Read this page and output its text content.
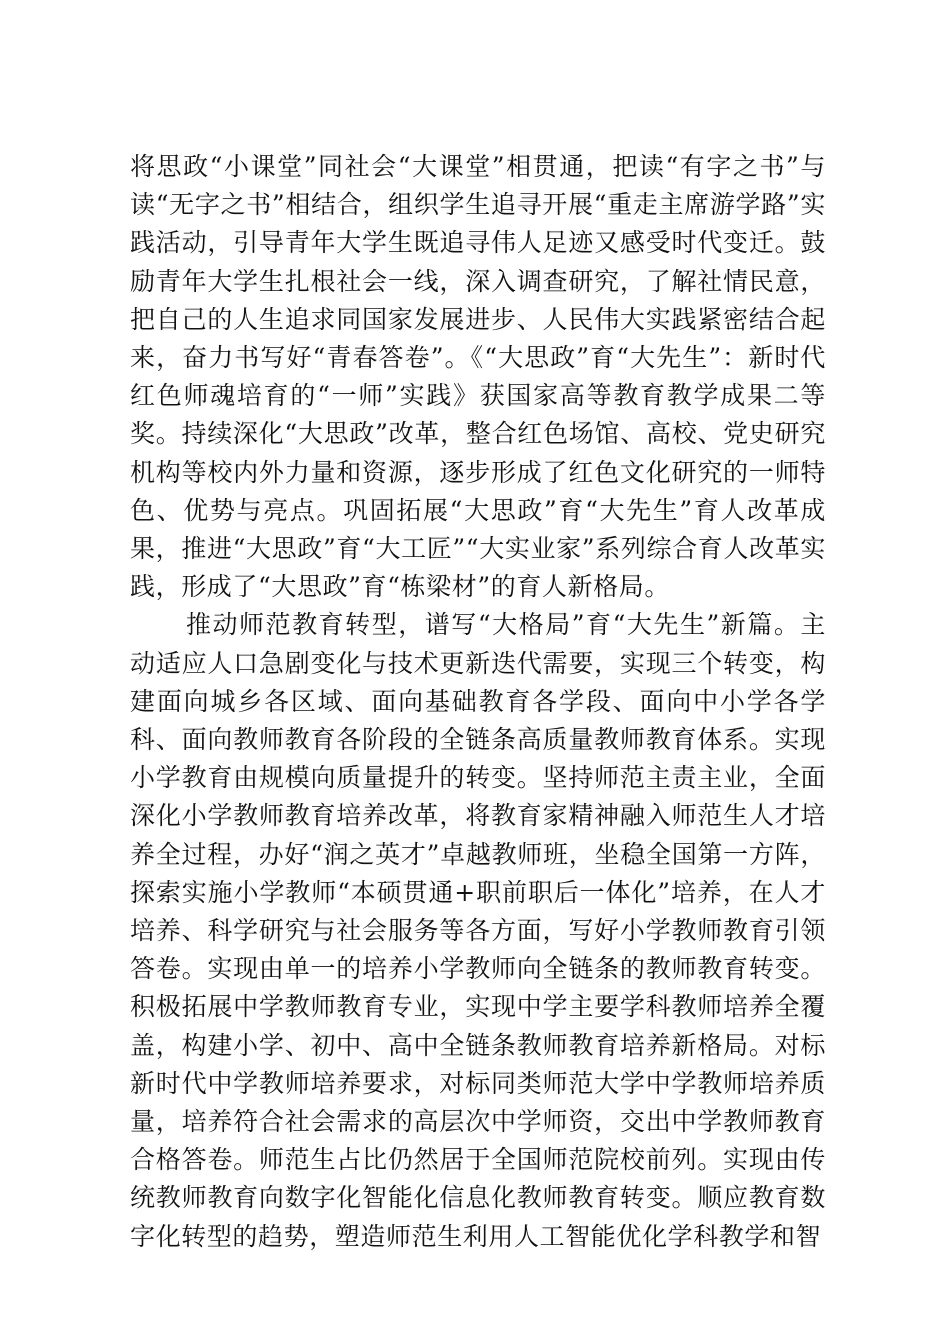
将思政“小课堂”同社会“大课堂”相贯通，把读“有字之书”与读“无字之书”相结合，组织学生追寻开展“重走主席游学路”实践活动，引导青年大学生既追寻伟人足迹又感受时代变迁。鼓励青年大学生扎根社会一线，深入调查研究，了解社情民意，把自己的人生追求同国家发展进步、人民伟大实践紧密结合起来，奋力书写好“青春答卷”。《“大思政”育“大先生”：新时代红色师魂培育的“一师”实践》获国家高等教育教学成果二等奖。持续深化“大思政”改革，整合红色场馆、高校、党史研究机构等校内外力量和资源，逐步形成了红色文化研究的一师特色、优势与亮点。巩固拓展“大思政”育“大先生”育人改革成果，推进“大思政”育“大工匠”“大实业家”系列综合育人改革实践，形成了“大思政”育“栋梁材”的育人新格局。

推动师范教育转型，谱写“大格局”育“大先生”新篇。主动适应人口急剧变化与技术更新迭代需要，实现三个转变，构建面向城乡各区域、面向基础教育各学段、面向中小学各学科、面向教师教育各阶段的全链条高质量教师教育体系。实现小学教育由规模向质量提升的转变。坚持师范主责主业，全面深化小学教师教育培养改革，将教育家精神融入师范生人才培养全过程，办好“润之英才”卓越教师班，坐稳全国第一方阵，探索实施小学教师“本硕贯通+职前职后一体化”培养，在人才培养、科学研究与社会服务等各方面，写好小学教师教育引领答卷。实现由单一的培养小学教师向全链条的教师教育转变。积极拓展中学教师教育专业，实现中学主要学科教师培养全覆盖，构建小学、初中、高中全链条教师教育培养新格局。对标新时代中学教师培养要求，对标同类师范大学中学教师培养质量，培养符合社会需求的高层次中学师资，交出中学教师教育合格答卷。师范生占比仍然居于全国师范院校前列。实现由传统教师教育向数字化智能化信息化教师教育转变。顺应教育数字化转型的趋势，塑造师范生利用人工智能优化学科教学和智
